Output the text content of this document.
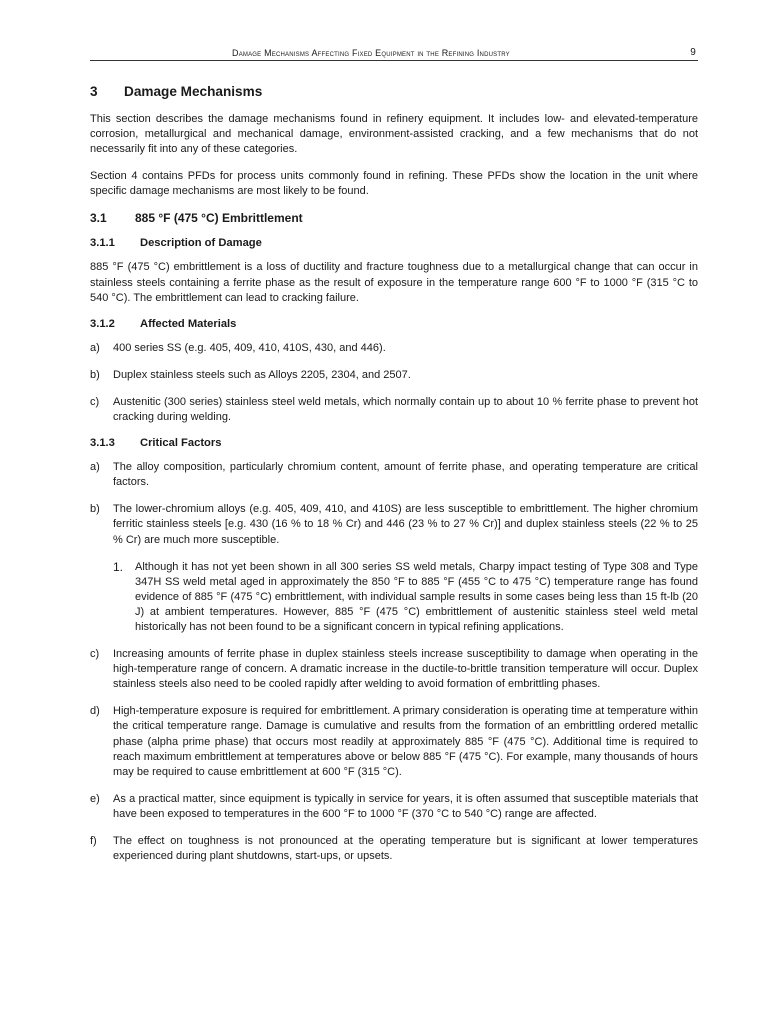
Damage Mechanisms Affecting Fixed Equipment in the Refining Industry	9
3	Damage Mechanisms

This section describes the damage mechanisms found in refinery equipment. It includes low- and elevated-temperature corrosion, metallurgical and mechanical damage, environment-assisted cracking, and a few mechanisms that do not necessarily fit into any of these categories.

Section 4 contains PFDs for process units commonly found in refining. These PFDs show the location in the unit where specific damage mechanisms are most likely to be found.

3.1	885 °F (475 °C) Embrittlement
3.1.1	Description of Damage

885 °F (475 °C) embrittlement is a loss of ductility and fracture toughness due to a metallurgical change that can occur in stainless steels containing a ferrite phase as the result of exposure in the temperature range 600 °F to 1000 °F (315 °C to 540 °C). The embrittlement can lead to cracking failure.

3.1.2	Affected Materials
a)	400 series SS (e.g. 405, 409, 410, 410S, 430, and 446).
b)	Duplex stainless steels such as Alloys 2205, 2304, and 2507.
c)	Austenitic (300 series) stainless steel weld metals, which normally contain up to about 10 % ferrite phase to prevent hot cracking during welding.
3.1.3	Critical Factors
a)	The alloy composition, particularly chromium content, amount of ferrite phase, and operating temperature are critical factors.
b)	The lower-chromium alloys (e.g. 405, 409, 410, and 410S) are less susceptible to embrittlement. The higher chromium ferritic stainless steels [e.g. 430 (16 % to 18 % Cr) and 446 (23 % to 27 % Cr)] and duplex stainless steels (22 % to 25 % Cr) are much more susceptible.
1.	Although it has not yet been shown in all 300 series SS weld metals, Charpy impact testing of Type 308 and Type 347H SS weld metal aged in approximately the 850 °F to 885 °F (455 °C to 475 °C) temperature range has found evidence of 885 °F (475 °C) embrittlement, with individual sample results in some cases being less than 15 ft-lb (20 J) at ambient temperatures. However, 885 °F (475 °C) embrittlement of austenitic stainless steel weld metal historically has not been found to be a significant concern in typical refining applications.
c)	Increasing amounts of ferrite phase in duplex stainless steels increase susceptibility to damage when operating in the high-temperature range of concern. A dramatic increase in the ductile-to-brittle transition temperature will occur. Duplex stainless steels also need to be cooled rapidly after welding to avoid formation of embrittling phases.
d)	High-temperature exposure is required for embrittlement. A primary consideration is operating time at temperature within the critical temperature range. Damage is cumulative and results from the formation of an embrittling ordered metallic phase (alpha prime phase) that occurs most readily at approximately 885 °F (475 °C). Additional time is required to reach maximum embrittlement at temperatures above or below 885 °F (475 °C). For example, many thousands of hours may be required to cause embrittlement at 600 °F (315 °C).
e)	As a practical matter, since equipment is typically in service for years, it is often assumed that susceptible materials that have been exposed to temperatures in the 600 °F to 1000 °F (370 °C to 540 °C) range are affected.
f)	The effect on toughness is not pronounced at the operating temperature but is significant at lower temperatures experienced during plant shutdowns, start-ups, or upsets.
